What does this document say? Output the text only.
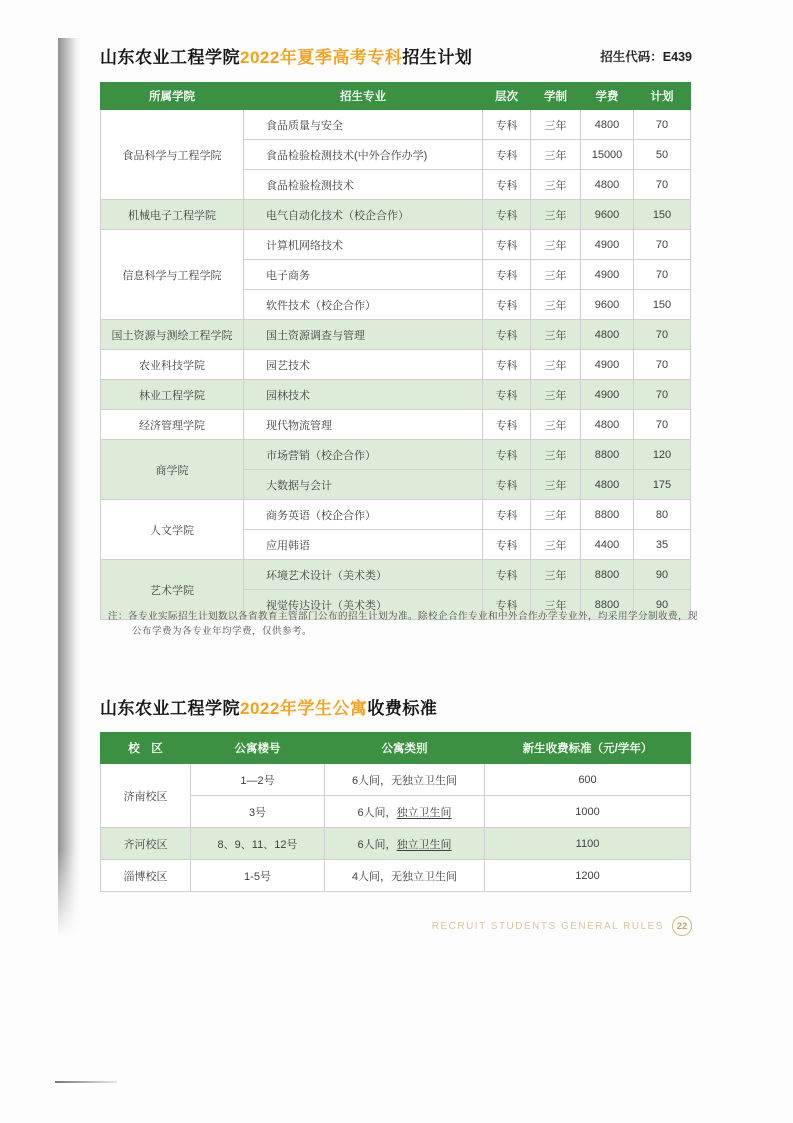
山东农业工程学院2022年夏季高考专科招生计划	招生代码：E439
所属学院	招生专业	层次	学制	学费	计划
食品科学与工程学院	食品质量与安全	专科	三年	4800	70
	食品检验检测技术(中外合作办学)	专科	三年	15000	50
	食品检验检测技术	专科	三年	4800	70
机械电子工程学院	电气自动化技术（校企合作）	专科	三年	9600	150
信息科学与工程学院	计算机网络技术	专科	三年	4900	70
	电子商务	专科	三年	4900	70
	软件技术（校企合作）	专科	三年	9600	150
国土资源与测绘工程学院	国土资源调查与管理	专科	三年	4800	70
农业科技学院	园艺技术	专科	三年	4900	70
林业工程学院	园林技术	专科	三年	4900	70
经济管理学院	现代物流管理	专科	三年	4800	70
商学院	市场营销（校企合作）	专科	三年	8800	120
	大数据与会计	专科	三年	4800	175
人文学院	商务英语（校企合作）	专科	三年	8800	80
	应用韩语	专科	三年	4400	35
艺术学院	环境艺术设计（美术类）	专科	三年	8800	90
	视觉传达设计（美术类）	专科	三年	8800	90
注：各专业实际招生计划数以各省教育主管部门公布的招生计划为准。除校企合作专业和中外合作办学专业外，均采用学分制收费，现公布学费为各专业年均学费，仅供参考。
山东农业工程学院2022年学生公寓收费标准
校　区	公寓楼号	公寓类别	新生收费标准（元/学年）
济南校区	1—2号	6人间，无独立卫生间	600
	3号	6人间，独立卫生间	1000
齐河校区	8、9、11、12号	6人间，独立卫生间	1100
淄博校区	1-5号	4人间，无独立卫生间	1200
RECRUIT STUDENTS GENERAL RULES	22
